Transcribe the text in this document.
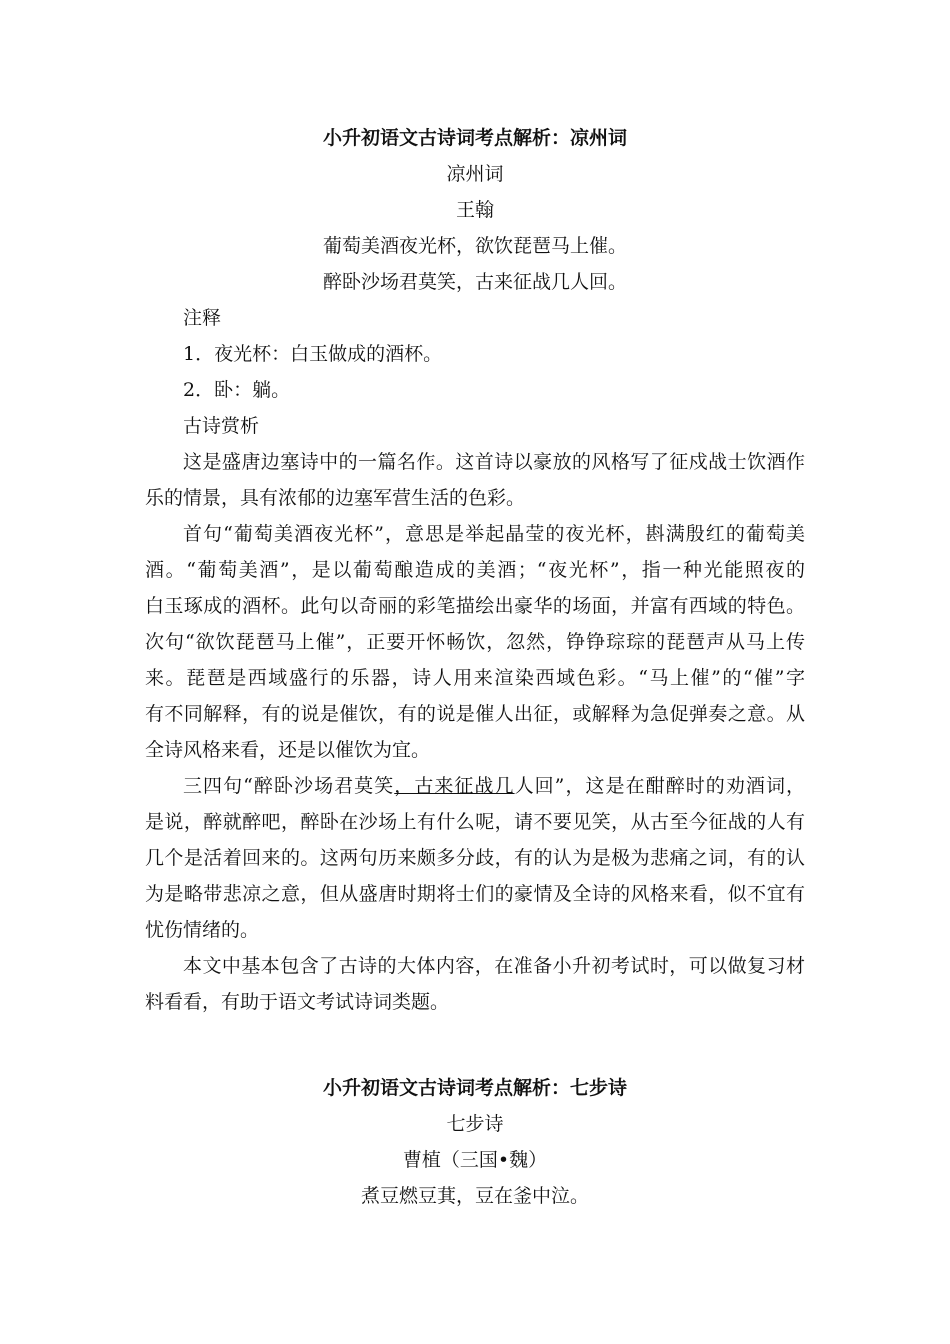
小升初语文古诗词考点解析：凉州词
凉州词
王翰
葡萄美酒夜光杯，欲饮琵琶马上催。
醉卧沙场君莫笑，古来征战几人回。
注释
1．夜光杯：白玉做成的酒杯。
2．卧：躺。
古诗赏析
这是盛唐边塞诗中的一篇名作。这首诗以豪放的风格写了征戍战士饮酒作
乐的情景，具有浓郁的边塞军营生活的色彩。
首句“葡萄美酒夜光杯”，意思是举起晶莹的夜光杯，斟满殷红的葡萄美
酒。“葡萄美酒”，是以葡萄酿造成的美酒；“夜光杯”，指一种光能照夜的
白玉琢成的酒杯。此句以奇丽的彩笔描绘出豪华的场面，并富有西域的特色。
次句“欲饮琵琶马上催”，正要开怀畅饮，忽然，铮铮琮琮的琵琶声从马上传
来。琵琶是西域盛行的乐器，诗人用来渲染西域色彩。“马上催”的“催”字
有不同解释，有的说是催饮，有的说是催人出征，或解释为急促弹奏之意。从
全诗风格来看，还是以催饮为宜。
三四句“醉卧沙场君莫笑，古来征战几人回”，这是在酣醉时的劝酒词，
是说，醉就醉吧，醉卧在沙场上有什么呢，请不要见笑，从古至今征战的人有
几个是活着回来的。这两句历来颇多分歧，有的认为是极为悲痛之词，有的认
为是略带悲凉之意，但从盛唐时期将士们的豪情及全诗的风格来看，似不宜有
忧伤情绪的。
本文中基本包含了古诗的大体内容，在准备小升初考试时，可以做复习材
料看看，有助于语文考试诗词类题。
小升初语文古诗词考点解析：七步诗
七步诗
曹植（三国•魏）
煮豆燃豆萁，豆在釜中泣。
